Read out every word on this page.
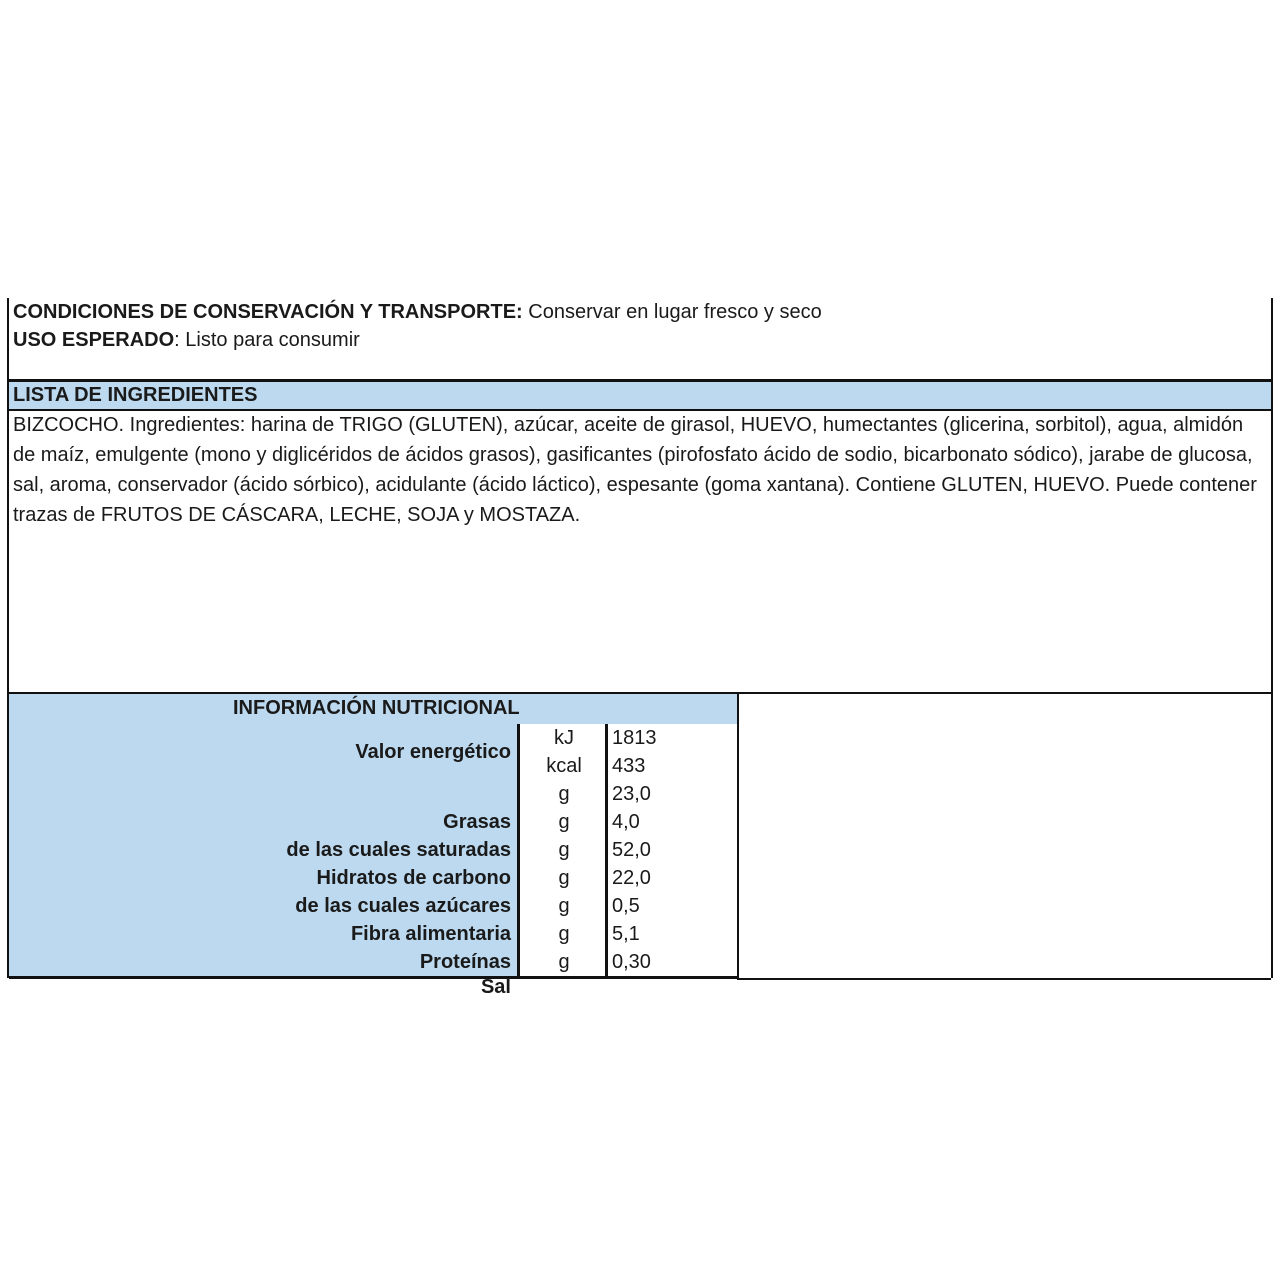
CONDICIONES DE CONSERVACIÓN Y TRANSPORTE: Conservar en lugar fresco y seco
USO ESPERADO: Listo para consumir
LISTA DE INGREDIENTES
BIZCOCHO. Ingredientes: harina de TRIGO (GLUTEN), azúcar, aceite de girasol, HUEVO, humectantes (glicerina, sorbitol), agua, almidón de maíz, emulgente (mono y diglicéridos de ácidos grasos), gasificantes (pirofosfato ácido de sodio, bicarbonato sódico), jarabe de glucosa, sal, aroma, conservador (ácido sórbico), acidulante (ácido láctico), espesante (goma xantana). Contiene GLUTEN, HUEVO. Puede contener trazas de FRUTOS DE CÁSCARA, LECHE, SOJA y MOSTAZA.
INFORMACIÓN NUTRICIONAL
Valor energético
Grasas
de las cuales saturadas
Hidratos de carbono
de las cuales azúcares
Fibra alimentaria
Proteínas
Sal
kJ
kcal
g
g
g
g
g
g
g
1813
433
23,0
4,0
52,0
22,0
0,5
5,1
0,30
